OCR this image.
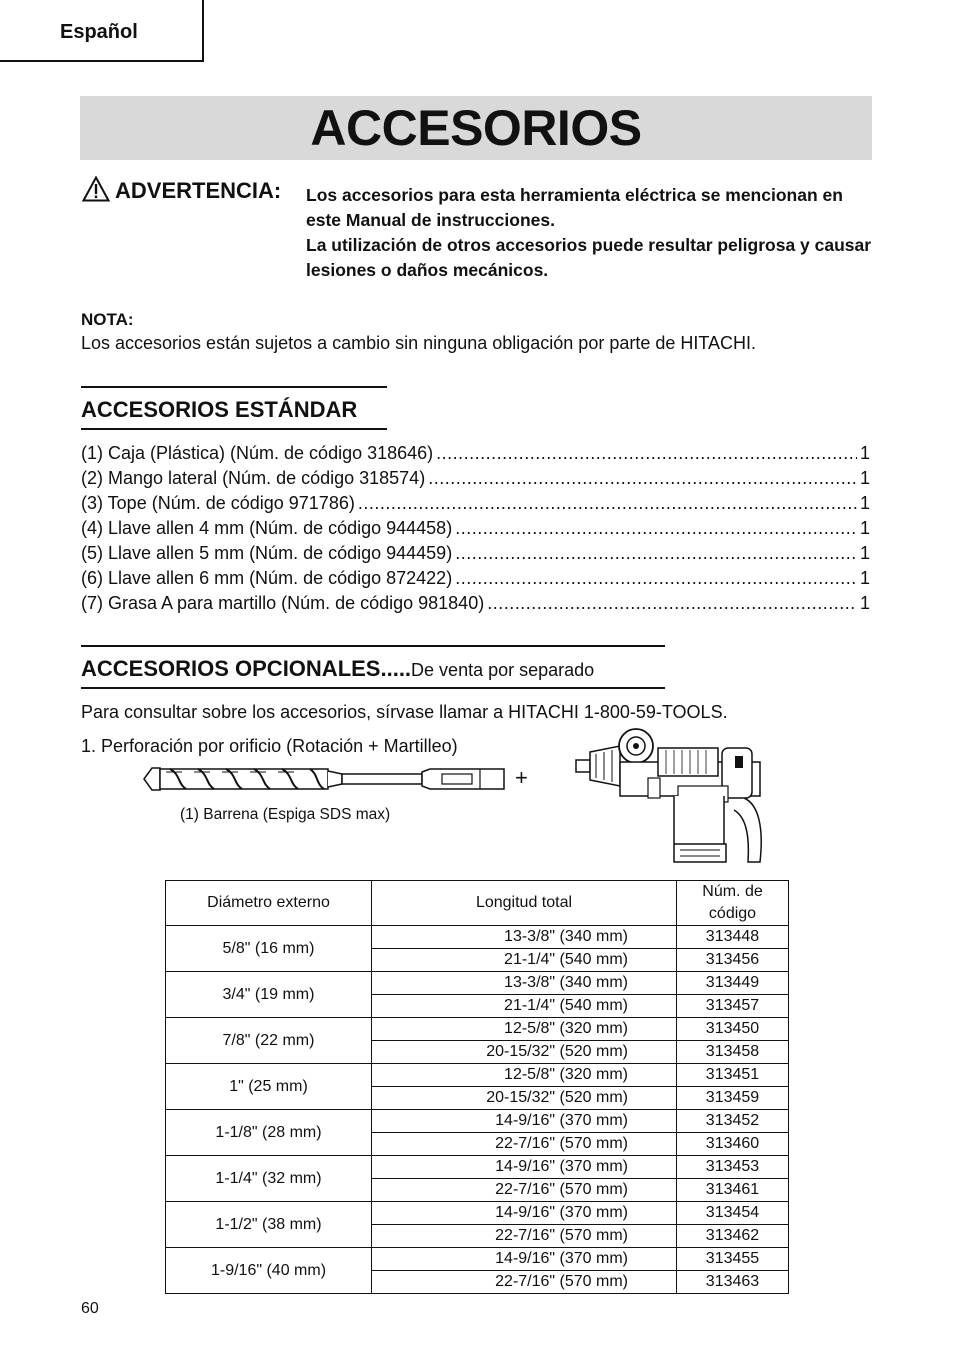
Español
ACCESORIOS
ADVERTENCIA: Los accesorios para esta herramienta eléctrica se mencionan en este Manual de instrucciones.

La utilización de otros accesorios puede resultar peligrosa y causar lesiones o daños mecánicos.

NOTA:
Los accesorios están sujetos a cambio sin ninguna obligación por parte de HITACHI.
ACCESORIOS ESTÁNDAR
(1) Caja (Plástica) (Núm. de código 318646) .....	1
(2) Mango lateral (Núm. de código 318574) .....	1
(3) Tope (Núm. de código 971786) .....	1
(4) Llave allen 4 mm (Núm. de código 944458) .....	1
(5) Llave allen 5 mm (Núm. de código 944459) .....	1
(6) Llave allen 6 mm (Núm. de código 872422) .....	1
(7) Grasa A para martillo (Núm. de código 981840) .....	1
ACCESORIOS OPCIONALES.....De venta por separado
Para consultar sobre los accesorios, sírvase llamar a HITACHI 1-800-59-TOOLS.
1. Perforación por orificio (Rotación + Martilleo)
+
(1) Barrena (Espiga SDS max)
Diámetro externo	Longitud total	Núm. de código
5/8" (16 mm)	13-3/8" (340 mm)	313448
	21-1/4" (540 mm)	313456
3/4" (19 mm)	13-3/8" (340 mm)	313449
	21-1/4" (540 mm)	313457
7/8" (22 mm)	12-5/8" (320 mm)	313450
	20-15/32" (520 mm)	313458
1" (25 mm)	12-5/8" (320 mm)	313451
	20-15/32" (520 mm)	313459
1-1/8" (28 mm)	14-9/16" (370 mm)	313452
	22-7/16" (570 mm)	313460
1-1/4" (32 mm)	14-9/16" (370 mm)	313453
	22-7/16" (570 mm)	313461
1-1/2" (38 mm)	14-9/16" (370 mm)	313454
	22-7/16" (570 mm)	313462
1-9/16" (40 mm)	14-9/16" (370 mm)	313455
	22-7/16" (570 mm)	313463
60
